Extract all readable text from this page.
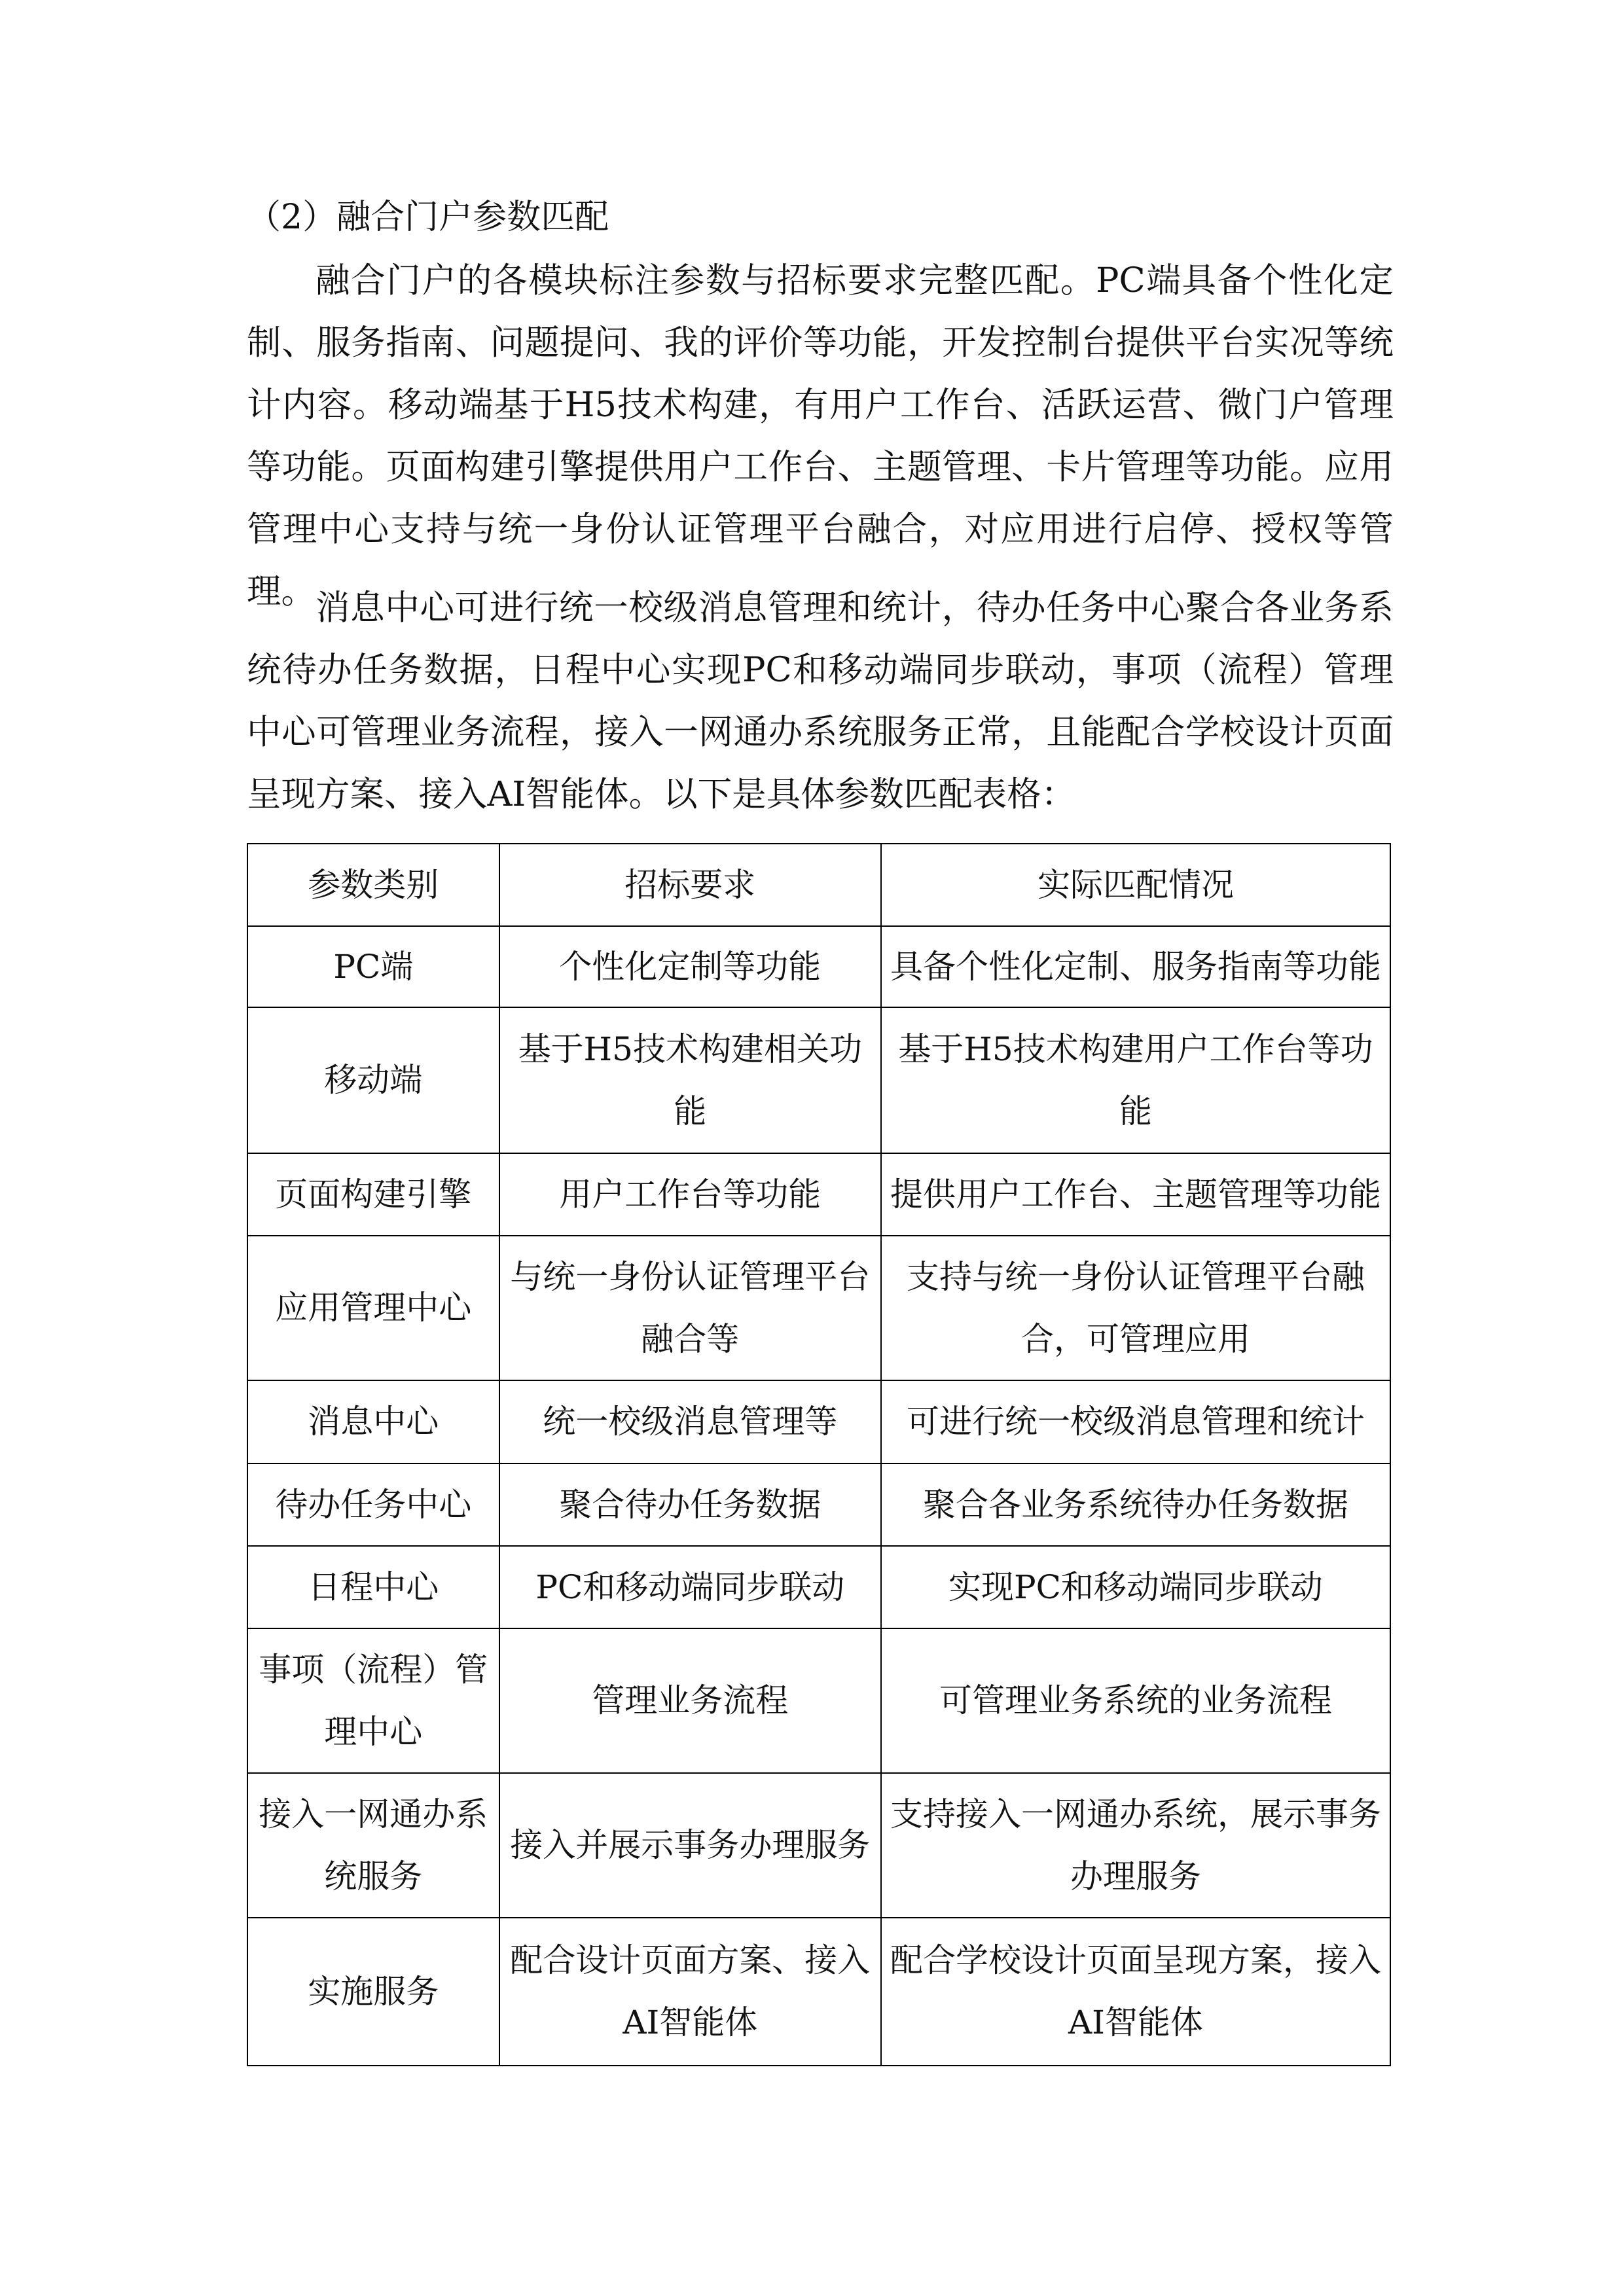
（2）融合门户参数匹配

融合门户的各模块标注参数与招标要求完整匹配。PC端具备个性化定制、服务指南、问题提问、我的评价等功能，开发控制台提供平台实况等统计内容。移动端基于H5技术构建，有用户工作台、活跃运营、微门户管理等功能。页面构建引擎提供用户工作台、主题管理、卡片管理等功能。应用管理中心支持与统一身份认证管理平台融合，对应用进行启停、授权等管理。 消息中心可进行统一校级消息管理和统计，待办任务中心聚合各业务系统待办任务数据，日程中心实现PC和移动端同步联动，事项（流程）管理中心可管理业务流程，接入一网通办系统服务正常，且能配合学校设计页面呈现方案、接入AI智能体。以下是具体参数匹配表格：

参数类别	招标要求	实际匹配情况
PC端	个性化定制等功能	具备个性化定制、服务指南等功能
移动端	基于H5技术构建相关功能	基于H5技术构建用户工作台等功能
页面构建引擎	用户工作台等功能	提供用户工作台、主题管理等功能
应用管理中心	与统一身份认证管理平台融合等	支持与统一身份认证管理平台融合，可管理应用
消息中心	统一校级消息管理等	可进行统一校级消息管理和统计
待办任务中心	聚合待办任务数据	聚合各业务系统待办任务数据
日程中心	PC和移动端同步联动	实现PC和移动端同步联动
事项（流程）管理中心	管理业务流程	可管理业务系统的业务流程
接入一网通办系统服务	接入并展示事务办理服务	支持接入一网通办系统，展示事务办理服务
实施服务	配合设计页面方案、接入AI智能体	配合学校设计页面呈现方案，接入AI智能体
